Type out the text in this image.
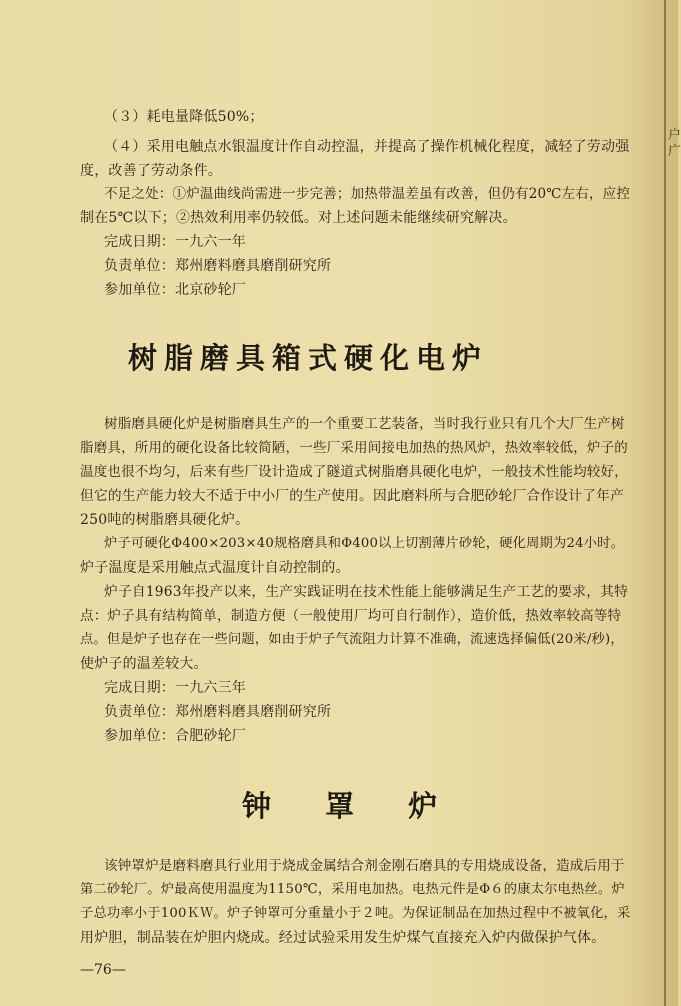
户 广
（３）耗电量降低50%；
（４）采用电触点水银温度计作自动控温，并提高了操作机械化程度，减轻了劳动强
度，改善了劳动条件。
不足之处：①炉温曲线尚需进一步完善；加热带温差虽有改善，但仍有20℃左右，应控
制在5℃以下；②热效利用率仍较低。对上述问题未能继续研究解决。
完成日期：一九六一年
负责单位：郑州磨料磨具磨削研究所
参加单位：北京砂轮厂
树脂磨具箱式硬化电炉
树脂磨具硬化炉是树脂磨具生产的一个重要工艺装备，当时我行业只有几个大厂生产树
脂磨具，所用的硬化设备比较简陋，一些厂采用间接电加热的热风炉，热效率较低，炉子的
温度也很不均匀，后来有些厂设计造成了隧道式树脂磨具硬化电炉，一般技术性能均较好，
但它的生产能力较大不适于中小厂的生产使用。因此磨料所与合肥砂轮厂合作设计了年产
250吨的树脂磨具硬化炉。
炉子可硬化Φ400×203×40规格磨具和Φ400以上切割薄片砂轮，硬化周期为24小时。
炉子温度是采用触点式温度计自动控制的。
炉子自1963年投产以来，生产实践证明在技术性能上能够满足生产工艺的要求，其特
点：炉子具有结构简单，制造方便（一般使用厂均可自行制作），造价低，热效率较高等特
点。但是炉子也存在一些问题，如由于炉子气流阻力计算不准确，流速选择偏低(20米/秒)，
使炉子的温差较大。
完成日期：一九六三年
负责单位：郑州磨料磨具磨削研究所
参加单位：合肥砂轮厂
钟 罩 炉
该钟罩炉是磨料磨具行业用于烧成金属结合剂金刚石磨具的专用烧成设备，造成后用于
第二砂轮厂。炉最高使用温度为1150℃，采用电加热。电热元件是Φ６的康太尔电热丝。炉
子总功率小于100ＫＷ。炉子钟罩可分重量小于２吨。为保证制品在加热过程中不被氧化，采
用炉胆，制品装在炉胆内烧成。经过试验采用发生炉煤气直接充入炉内做保护气体。
—76—
